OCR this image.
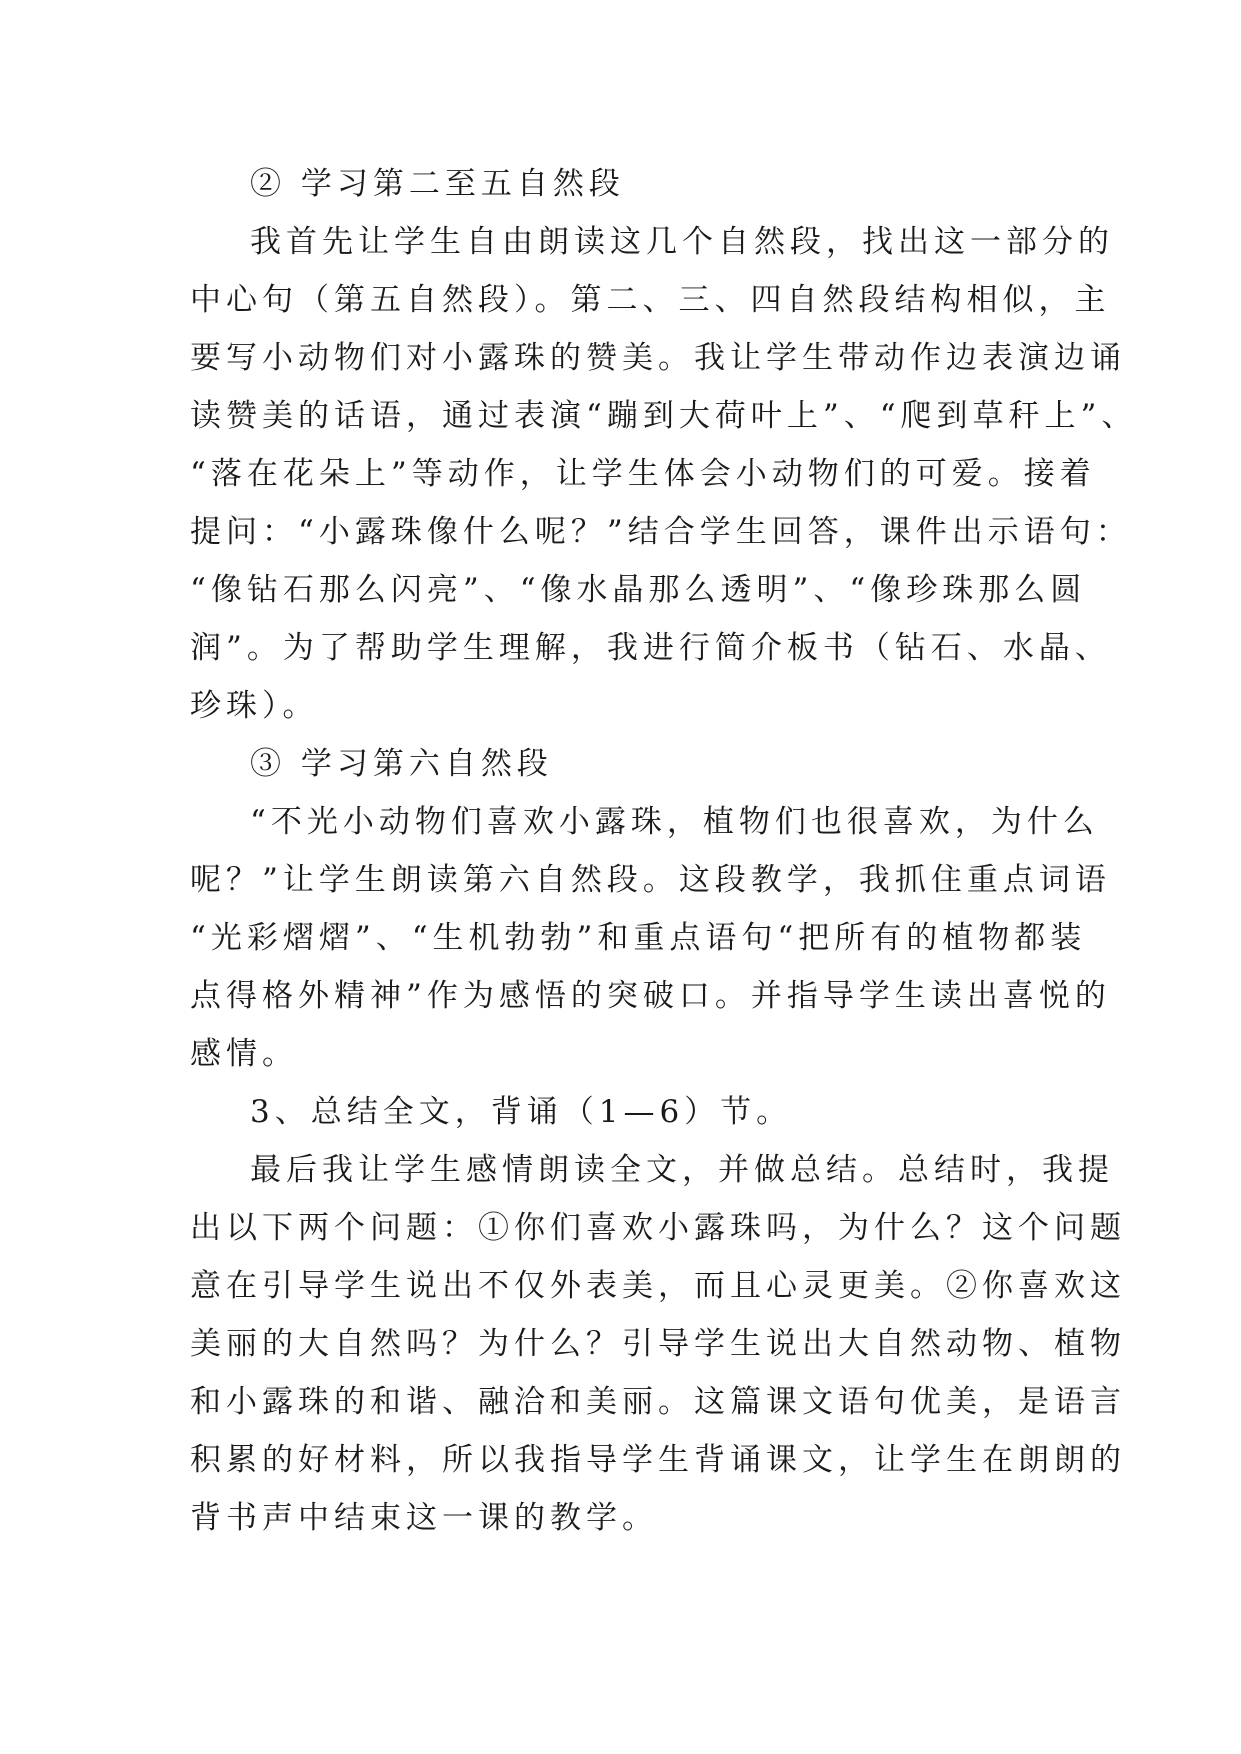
② 学习第二至五自然段
我首先让学生自由朗读这几个自然段，找出这一部分的
中心句（第五自然段）。第二、三、四自然段结构相似，主
要写小动物们对小露珠的赞美。我让学生带动作边表演边诵
读赞美的话语，通过表演“蹦到大荷叶上”、“爬到草秆上”、
“落在花朵上”等动作，让学生体会小动物们的可爱。接着
提问：“小露珠像什么呢？”结合学生回答，课件出示语句：
“像钻石那么闪亮”、“像水晶那么透明”、“像珍珠那么圆
润”。为了帮助学生理解，我进行简介板书（钻石、水晶、
珍珠）。
③ 学习第六自然段
“不光小动物们喜欢小露珠，植物们也很喜欢，为什么
呢？”让学生朗读第六自然段。这段教学，我抓住重点词语
“光彩熠熠”、“生机勃勃”和重点语句“把所有的植物都装
点得格外精神”作为感悟的突破口。并指导学生读出喜悦的
感情。
3、总结全文，背诵（1—6）节。
最后我让学生感情朗读全文，并做总结。总结时，我提
出以下两个问题：①你们喜欢小露珠吗，为什么？这个问题
意在引导学生说出不仅外表美，而且心灵更美。②你喜欢这
美丽的大自然吗？为什么？引导学生说出大自然动物、植物
和小露珠的和谐、融洽和美丽。这篇课文语句优美，是语言
积累的好材料，所以我指导学生背诵课文，让学生在朗朗的
背书声中结束这一课的教学。
